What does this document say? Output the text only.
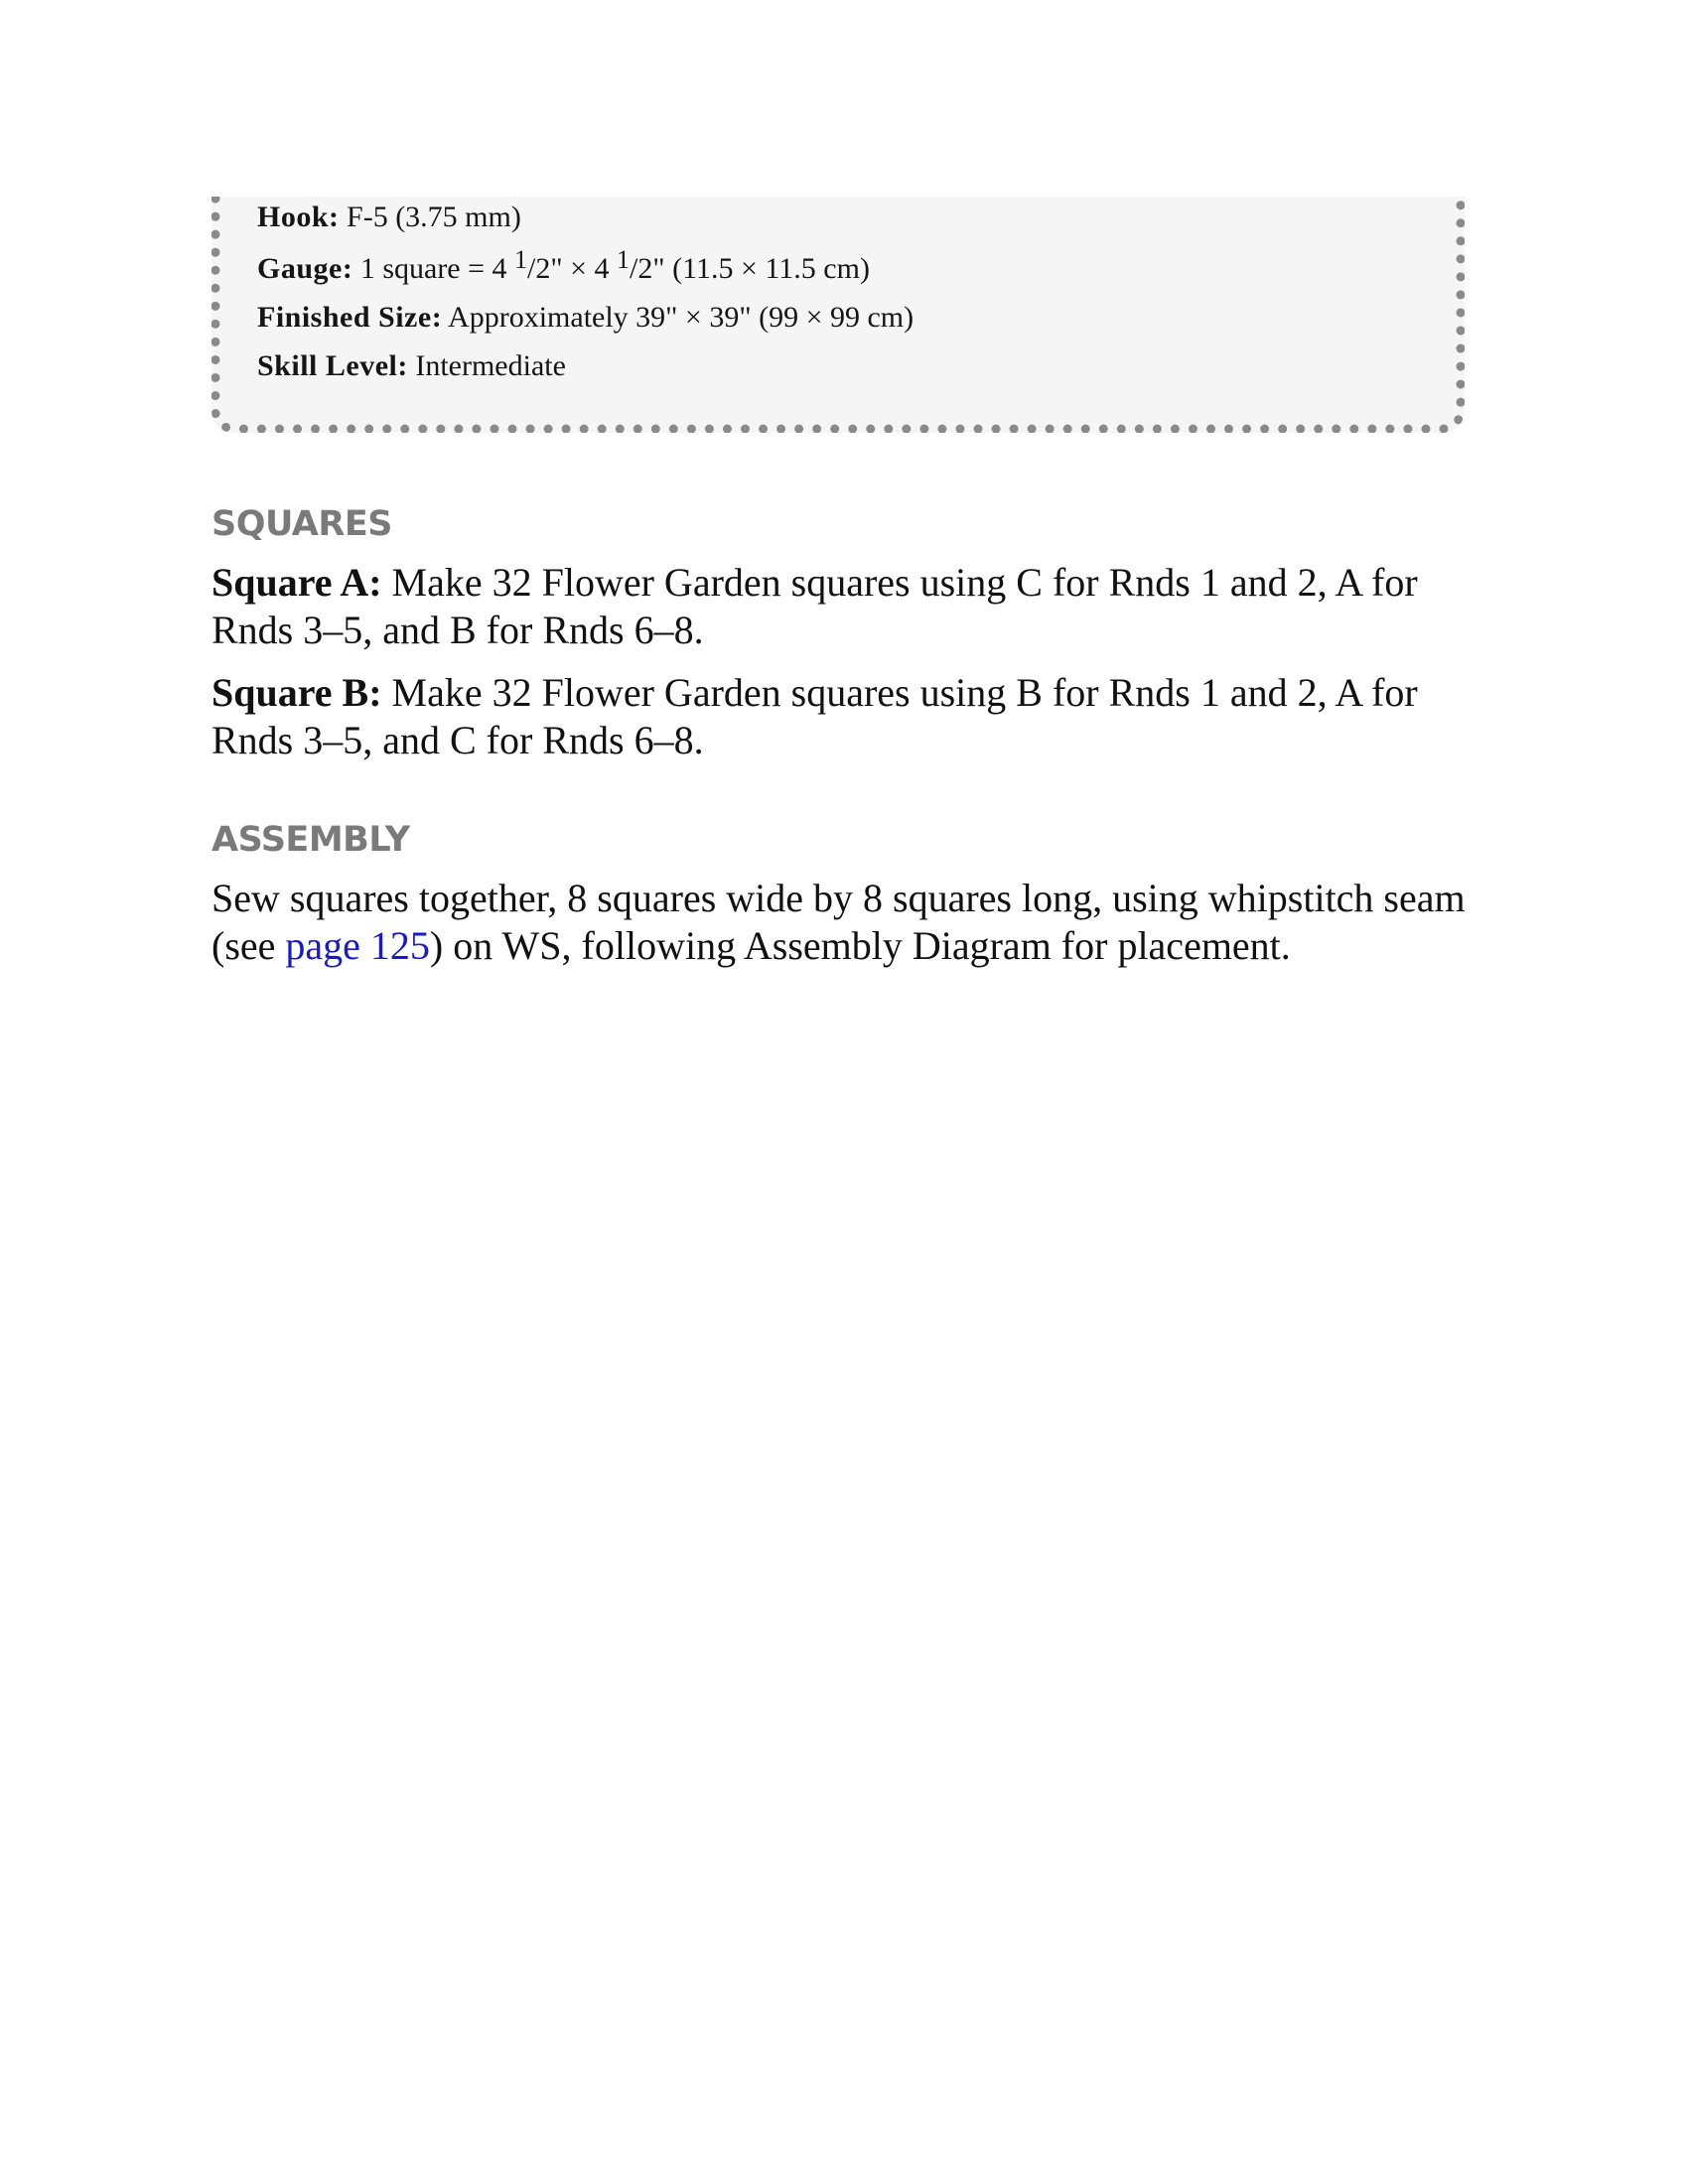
Hook: F-5 (3.75 mm)
Gauge: 1 square = 4 $^1$/2" × 4 $^1$/2" (11.5 × 11.5 cm)
Finished Size: Approximately 39" × 39" (99 × 99 cm)
Skill Level: Intermediate
SQUARES

Square A: Make 32 Flower Garden squares using C for Rnds 1 and 2, A for Rnds 3–5, and B for Rnds 6–8.

Square B: Make 32 Flower Garden squares using B for Rnds 1 and 2, A for Rnds 3–5, and C for Rnds 6–8.

ASSEMBLY

Sew squares together, 8 squares wide by 8 squares long, using whipstitch seam (see page 125) on WS, following Assembly Diagram for placement.
